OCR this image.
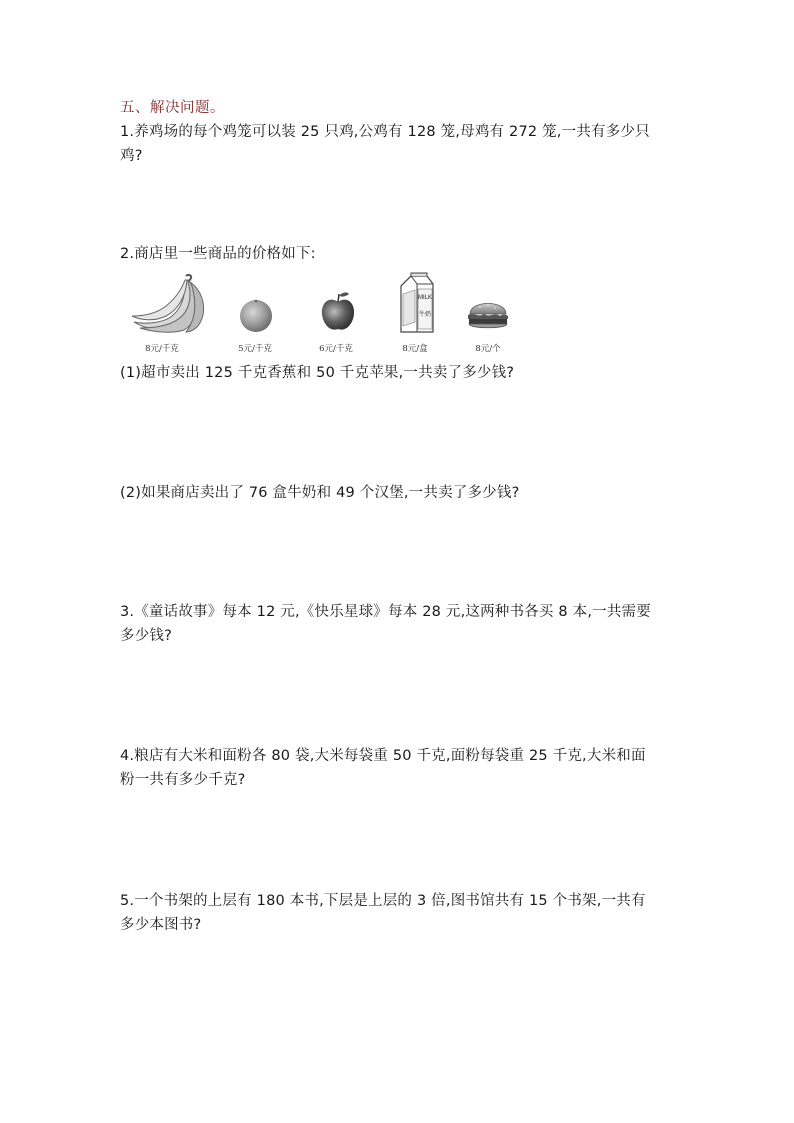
五、解决问题。
1.养鸡场的每个鸡笼可以装 25 只鸡,公鸡有 128 笼,母鸡有 272 笼,一共有多少只
鸡?
2.商店里一些商品的价格如下:
8元/千克	5元/千克	6元/千克
MILK
牛奶
8元/盒	8元/个
(1)超市卖出 125 千克香蕉和 50 千克苹果,一共卖了多少钱?
(2)如果商店卖出了 76 盒牛奶和 49 个汉堡,一共卖了多少钱?
3.《童话故事》每本 12 元,《快乐星球》每本 28 元,这两种书各买 8 本,一共需要
多少钱?
4.粮店有大米和面粉各 80 袋,大米每袋重 50 千克,面粉每袋重 25 千克,大米和面
粉一共有多少千克?
5.一个书架的上层有 180 本书,下层是上层的 3 倍,图书馆共有 15 个书架,一共有
多少本图书?
